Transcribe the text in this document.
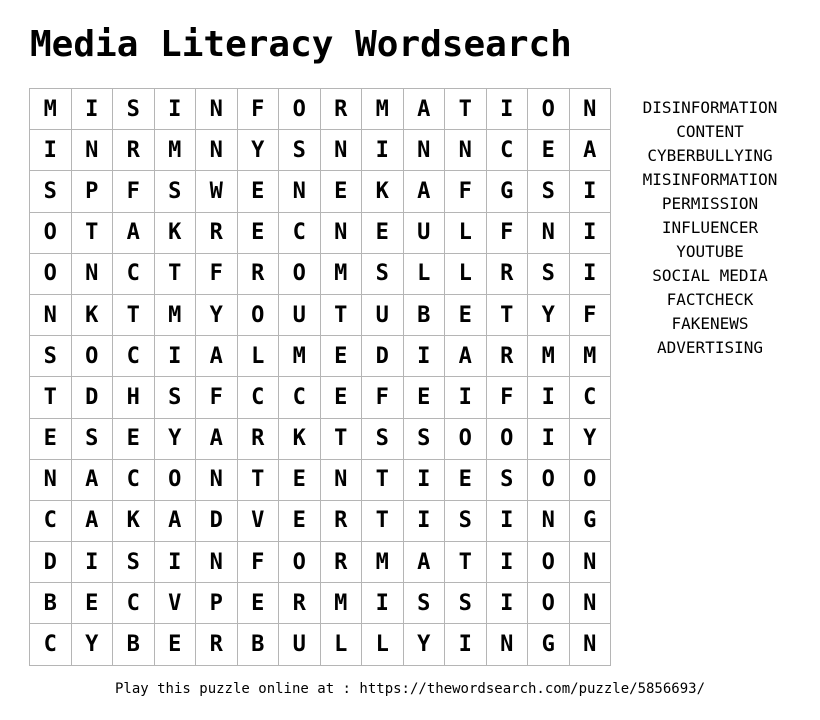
Media Literacy Wordsearch
M	I	S	I	N	F	O	R	M	A	T	I	O	N
I	N	R	M	N	Y	S	N	I	N	N	C	E	A
S	P	F	S	W	E	N	E	K	A	F	G	S	I
O	T	A	K	R	E	C	N	E	U	L	F	N	I
O	N	C	T	F	R	O	M	S	L	L	R	S	I
N	K	T	M	Y	O	U	T	U	B	E	T	Y	F
S	O	C	I	A	L	M	E	D	I	A	R	M	M
T	D	H	S	F	C	C	E	F	E	I	F	I	C
E	S	E	Y	A	R	K	T	S	S	O	O	I	Y
N	A	C	O	N	T	E	N	T	I	E	S	O	O
C	A	K	A	D	V	E	R	T	I	S	I	N	G
D	I	S	I	N	F	O	R	M	A	T	I	O	N
B	E	C	V	P	E	R	M	I	S	S	I	O	N
C	Y	B	E	R	B	U	L	L	Y	I	N	G	N
DISINFORMATION
CONTENT
CYBERBULLYING
MISINFORMATION
PERMISSION
INFLUENCER
YOUTUBE
SOCIAL MEDIA
FACTCHECK
FAKENEWS
ADVERTISING
Play this puzzle online at : https://thewordsearch.com/puzzle/5856693/
